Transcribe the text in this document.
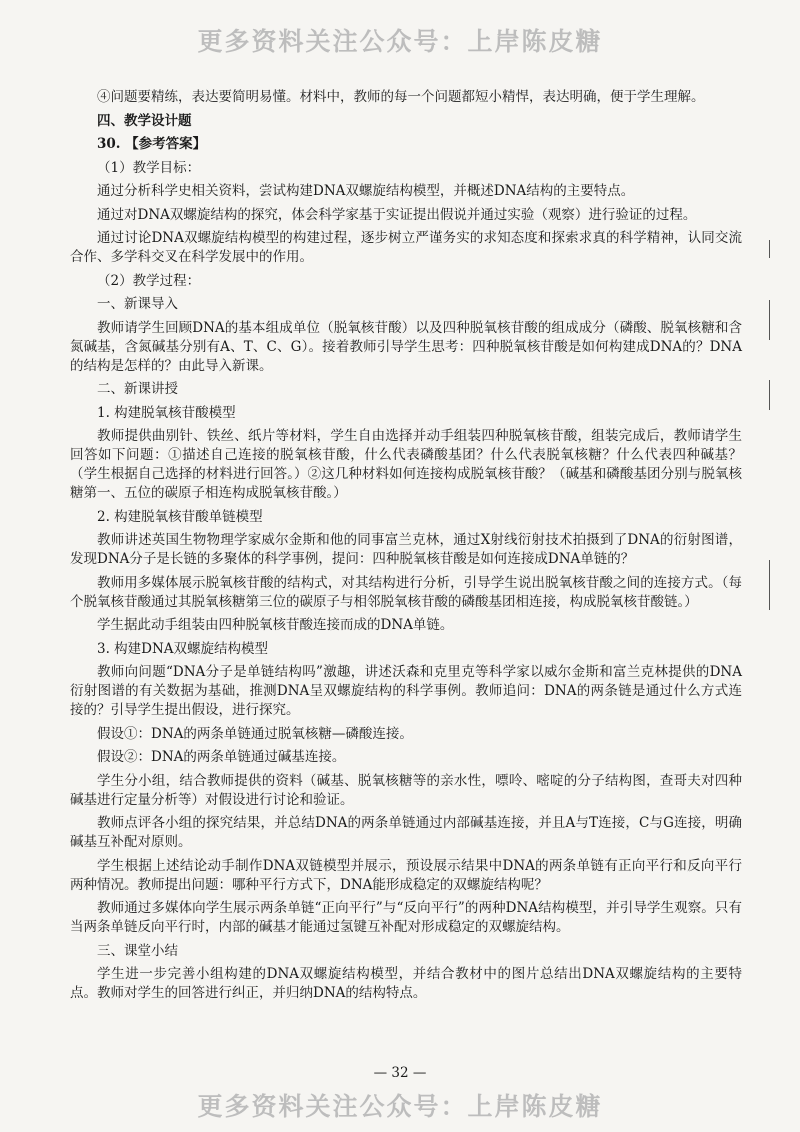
更多资料关注公众号：上岸陈皮糖

④问题要精练，表达要简明易懂。材料中，教师的每一个问题都短小精悍，表达明确，便于学生理解。

四、教学设计题

30. 【参考答案】

（1）教学目标：

通过分析科学史相关资料，尝试构建DNA双螺旋结构模型，并概述DNA结构的主要特点。

通过对DNA双螺旋结构的探究，体会科学家基于实证提出假说并通过实验（观察）进行验证的过程。

通过讨论DNA双螺旋结构模型的构建过程，逐步树立严谨务实的求知态度和探索求真的科学精神，认同交流合作、多学科交叉在科学发展中的作用。

（2）教学过程：

一、新课导入

教师请学生回顾DNA的基本组成单位（脱氧核苷酸）以及四种脱氧核苷酸的组成成分（磷酸、脱氧核糖和含氮碱基，含氮碱基分别有A、T、C、G）。接着教师引导学生思考：四种脱氧核苷酸是如何构建成DNA的？DNA的结构是怎样的？由此导入新课。

二、新课讲授

1. 构建脱氧核苷酸模型

教师提供曲别针、铁丝、纸片等材料，学生自由选择并动手组装四种脱氧核苷酸，组装完成后，教师请学生回答如下问题：①描述自己连接的脱氧核苷酸，什么代表磷酸基团？什么代表脱氧核糖？什么代表四种碱基？（学生根据自己选择的材料进行回答。）②这几种材料如何连接构成脱氧核苷酸？（碱基和磷酸基团分别与脱氧核糖第一、五位的碳原子相连构成脱氧核苷酸。）

2. 构建脱氧核苷酸单链模型

教师讲述英国生物物理学家威尔金斯和他的同事富兰克林，通过X射线衍射技术拍摄到了DNA的衍射图谱，发现DNA分子是长链的多聚体的科学事例，提问：四种脱氧核苷酸是如何连接成DNA单链的？

教师用多媒体展示脱氧核苷酸的结构式，对其结构进行分析，引导学生说出脱氧核苷酸之间的连接方式。（每个脱氧核苷酸通过其脱氧核糖第三位的碳原子与相邻脱氧核苷酸的磷酸基团相连接，构成脱氧核苷酸链。）

学生据此动手组装由四种脱氧核苷酸连接而成的DNA单链。

3. 构建DNA双螺旋结构模型

教师向问题“DNA分子是单链结构吗”激趣，讲述沃森和克里克等科学家以威尔金斯和富兰克林提供的DNA衍射图谱的有关数据为基础，推测DNA呈双螺旋结构的科学事例。教师追问：DNA的两条链是通过什么方式连接的？引导学生提出假设，进行探究。

假设①：DNA的两条单链通过脱氧核糖—磷酸连接。

假设②：DNA的两条单链通过碱基连接。

学生分小组，结合教师提供的资料（碱基、脱氧核糖等的亲水性，嘌呤、嘧啶的分子结构图，查哥夫对四种碱基进行定量分析等）对假设进行讨论和验证。

教师点评各小组的探究结果，并总结DNA的两条单链通过内部碱基连接，并且A与T连接，C与G连接，明确碱基互补配对原则。

学生根据上述结论动手制作DNA双链模型并展示，预设展示结果中DNA的两条单链有正向平行和反向平行两种情况。教师提出问题：哪种平行方式下，DNA能形成稳定的双螺旋结构呢？

教师通过多媒体向学生展示两条单链“正向平行”与“反向平行”的两种DNA结构模型，并引导学生观察。只有当两条单链反向平行时，内部的碱基才能通过氢键互补配对形成稳定的双螺旋结构。

三、课堂小结

学生进一步完善小组构建的DNA双螺旋结构模型，并结合教材中的图片总结出DNA双螺旋结构的主要特点。教师对学生的回答进行纠正，并归纳DNA的结构特点。

— 32 —
更多资料关注公众号：上岸陈皮糖
